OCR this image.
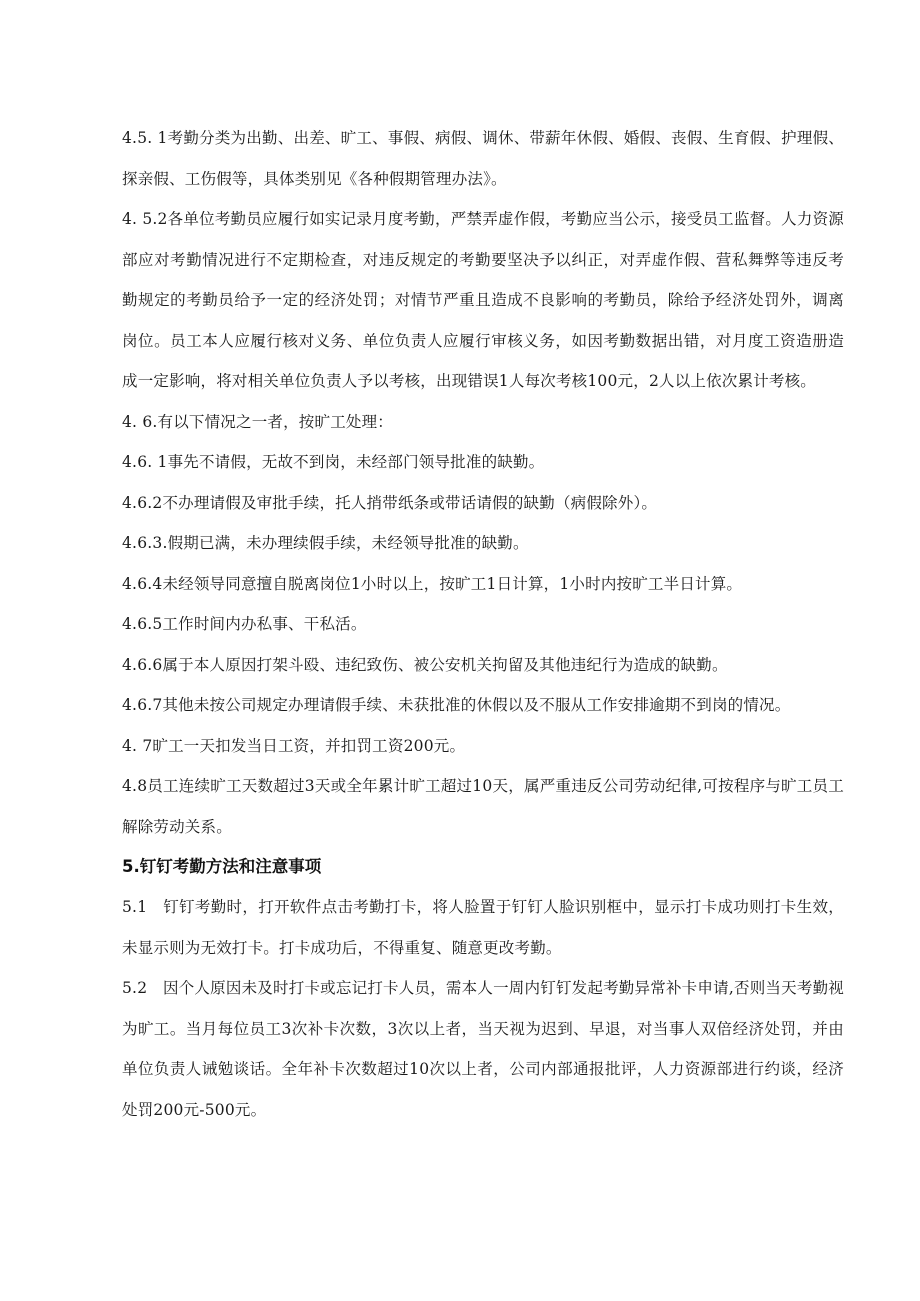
4.5. 1考勤分类为出勤、出差、旷工、事假、病假、调休、带薪年休假、婚假、丧假、生育假、护理假、探亲假、工伤假等，具体类别见《各种假期管理办法》。

4. 5.2各单位考勤员应履行如实记录月度考勤，严禁弄虚作假，考勤应当公示，接受员工监督。人力资源部应对考勤情况进行不定期检查，对违反规定的考勤要坚决予以纠正，对弄虚作假、营私舞弊等违反考勤规定的考勤员给予一定的经济处罚；对情节严重且造成不良影响的考勤员，除给予经济处罚外，调离岗位。员工本人应履行核对义务、单位负责人应履行审核义务，如因考勤数据出错，对月度工资造册造成一定影响，将对相关单位负责人予以考核，出现错误1人每次考核100元，2人以上依次累计考核。

4. 6.有以下情况之一者，按旷工处理：

4.6. 1事先不请假，无故不到岗，未经部门领导批准的缺勤。

4.6.2不办理请假及审批手续，托人捎带纸条或带话请假的缺勤（病假除外）。

4.6.3.假期已满，未办理续假手续，未经领导批准的缺勤。

4.6.4未经领导同意擅自脱离岗位1小时以上，按旷工1日计算，1小时内按旷工半日计算。

4.6.5工作时间内办私事、干私活。

4.6.6属于本人原因打架斗殴、违纪致伤、被公安机关拘留及其他违纪行为造成的缺勤。

4.6.7其他未按公司规定办理请假手续、未获批准的休假以及不服从工作安排逾期不到岗的情况。

4. 7旷工一天扣发当日工资，并扣罚工资200元。

4.8员工连续旷工天数超过3天或全年累计旷工超过10天，属严重违反公司劳动纪律,可按程序与旷工员工解除劳动关系。

5.钉钉考勤方法和注意事项

5.1　钉钉考勤时，打开软件点击考勤打卡，将人脸置于钉钉人脸识别框中，显示打卡成功则打卡生效，未显示则为无效打卡。打卡成功后，不得重复、随意更改考勤。

5.2　因个人原因未及时打卡或忘记打卡人员，需本人一周内钉钉发起考勤异常补卡申请,否则当天考勤视为旷工。当月每位员工3次补卡次数，3次以上者，当天视为迟到、早退，对当事人双倍经济处罚，并由单位负责人诫勉谈话。全年补卡次数超过10次以上者，公司内部通报批评，人力资源部进行约谈，经济处罚200元-500元。
